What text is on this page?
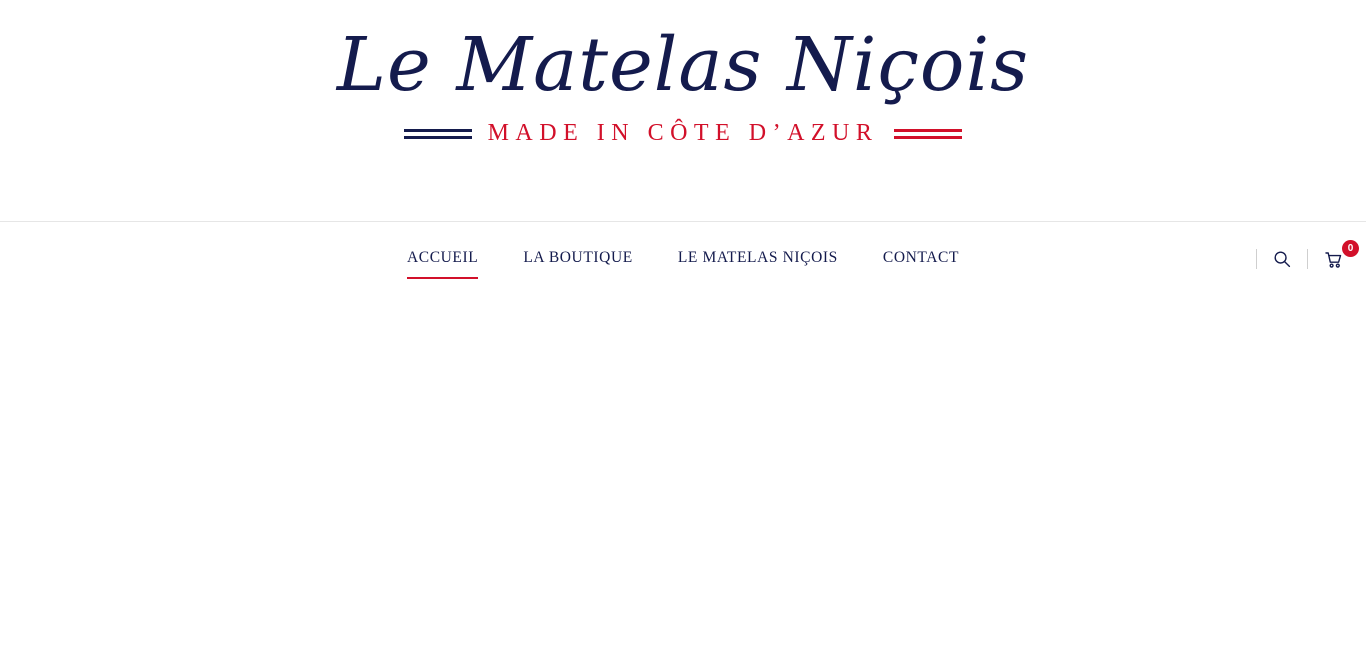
Le Matelas Niçois
MADE IN CÔTE D’AZUR
ACCUEIL	LA BOUTIQUE	LE MATELAS NIÇOIS	CONTACT
0
